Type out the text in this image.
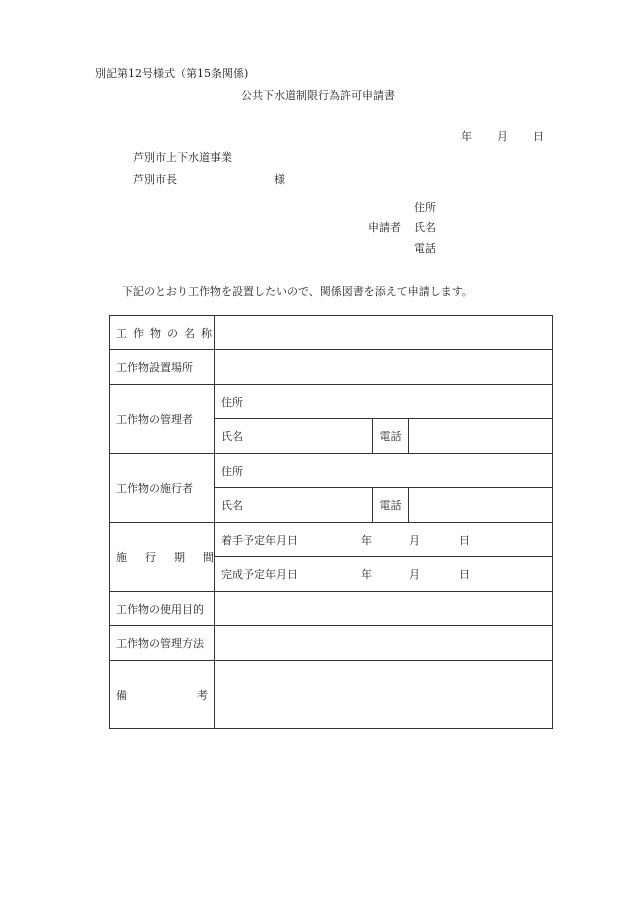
別記第12号様式（第15条関係)
公共下水道制限行為許可申請書
年 月 日
芦別市上下水道事業
芦別市長	様
住所
申請者 氏名
電話
下記のとおり工作物を設置したいので、関係図書を添えて申請します。
工作物の名称			
工作物設置場所			
工作物の管理者	住所		
	氏名	電話	
工作物の施行者	住所		
	氏名	電話	
施行期間	着手予定年月日 年 月 日		

	完成予定年月日 年 月 日		

工作物の使用目的			
工作物の管理方法			

備 考			
